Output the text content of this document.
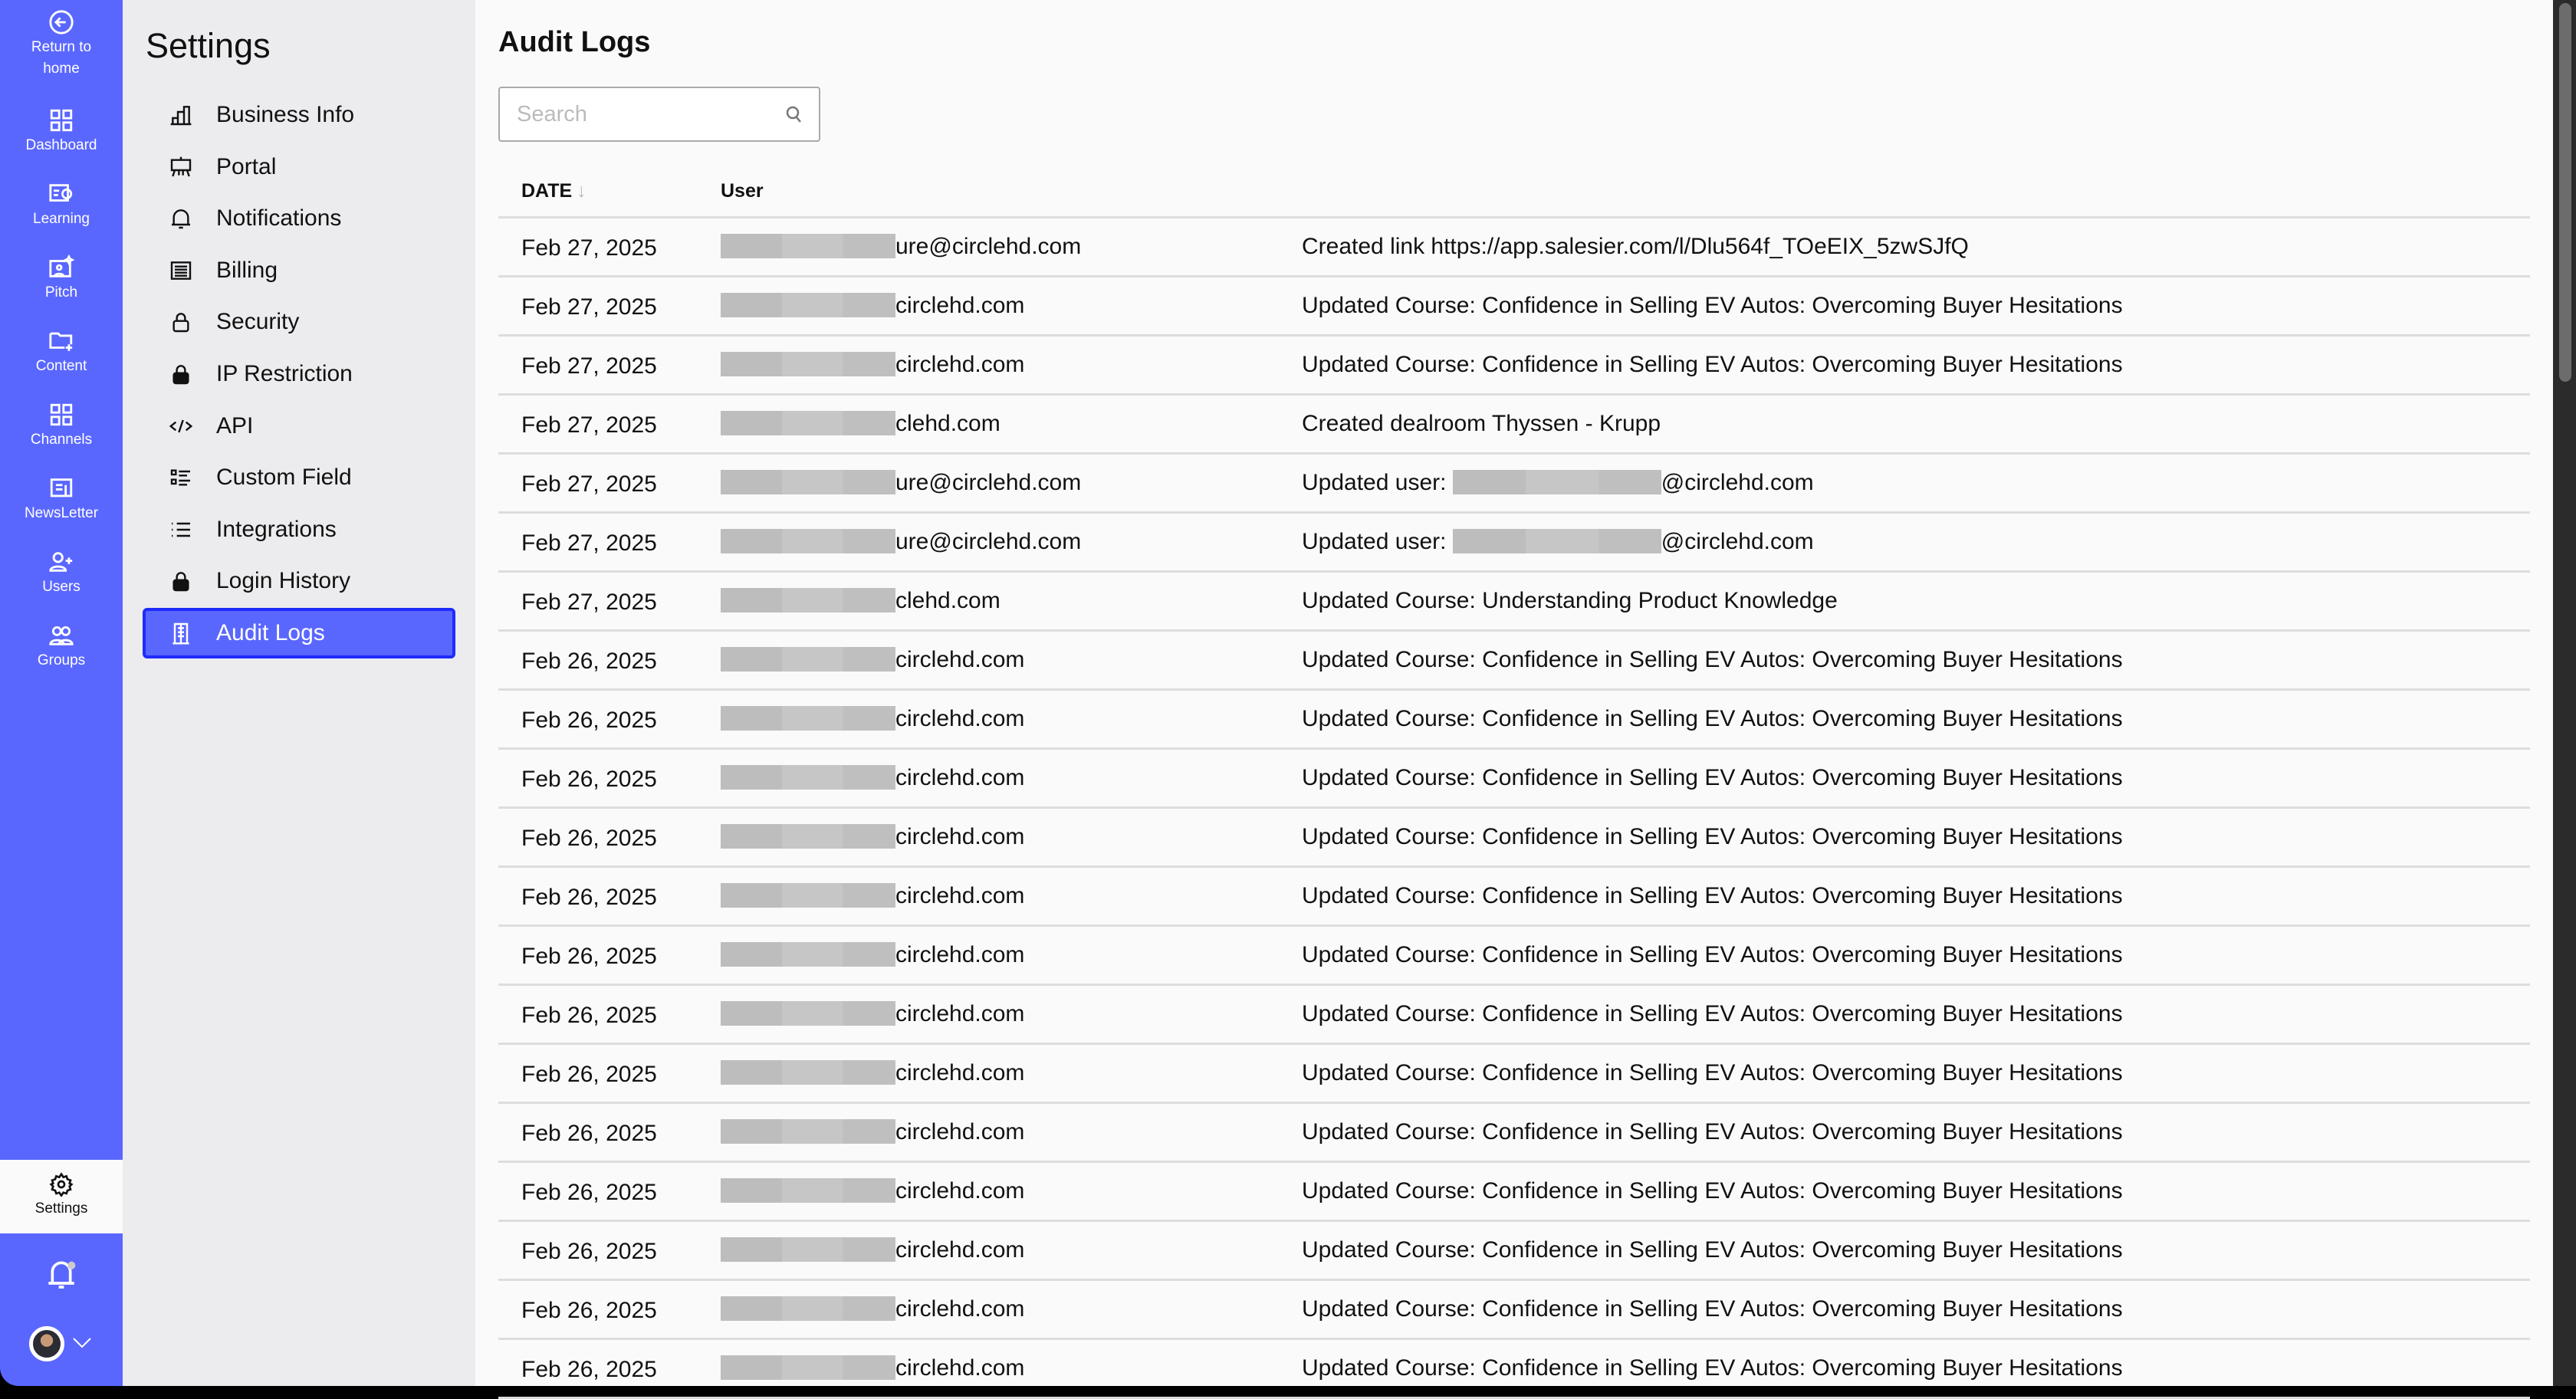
Return to
home
Dashboard
Learning
Pitch
Content
Channels
NewsLetter
Users
Groups
Settings
Settings
Business Info
Portal
Notifications
Billing
Security
IP Restriction
API
Custom Field
Integrations
Login History
Audit Logs
Audit Logs
Search
DATE ↓	User
Feb 27, 2025	ure@circlehd.com	Created link https://app.salesier.com/l/Dlu564f_TOeEIX_5zwSJfQ
Feb 27, 2025	circlehd.com	Updated Course: Confidence in Selling EV Autos: Overcoming Buyer Hesitations
Feb 27, 2025	circlehd.com	Updated Course: Confidence in Selling EV Autos: Overcoming Buyer Hesitations
Feb 27, 2025	clehd.com	Created dealroom Thyssen - Krupp
Feb 27, 2025	ure@circlehd.com	Updated user:	@circlehd.com
Feb 27, 2025	ure@circlehd.com	Updated user:	@circlehd.com
Feb 27, 2025	clehd.com	Updated Course: Understanding Product Knowledge
Feb 26, 2025	circlehd.com	Updated Course: Confidence in Selling EV Autos: Overcoming Buyer Hesitations
Feb 26, 2025	circlehd.com	Updated Course: Confidence in Selling EV Autos: Overcoming Buyer Hesitations
Feb 26, 2025	circlehd.com	Updated Course: Confidence in Selling EV Autos: Overcoming Buyer Hesitations
Feb 26, 2025	circlehd.com	Updated Course: Confidence in Selling EV Autos: Overcoming Buyer Hesitations
Feb 26, 2025	circlehd.com	Updated Course: Confidence in Selling EV Autos: Overcoming Buyer Hesitations
Feb 26, 2025	circlehd.com	Updated Course: Confidence in Selling EV Autos: Overcoming Buyer Hesitations
Feb 26, 2025	circlehd.com	Updated Course: Confidence in Selling EV Autos: Overcoming Buyer Hesitations
Feb 26, 2025	circlehd.com	Updated Course: Confidence in Selling EV Autos: Overcoming Buyer Hesitations
Feb 26, 2025	circlehd.com	Updated Course: Confidence in Selling EV Autos: Overcoming Buyer Hesitations
Feb 26, 2025	circlehd.com	Updated Course: Confidence in Selling EV Autos: Overcoming Buyer Hesitations
Feb 26, 2025	circlehd.com	Updated Course: Confidence in Selling EV Autos: Overcoming Buyer Hesitations
Feb 26, 2025	circlehd.com	Updated Course: Confidence in Selling EV Autos: Overcoming Buyer Hesitations
Feb 26, 2025	circlehd.com	Updated Course: Confidence in Selling EV Autos: Overcoming Buyer Hesitations
